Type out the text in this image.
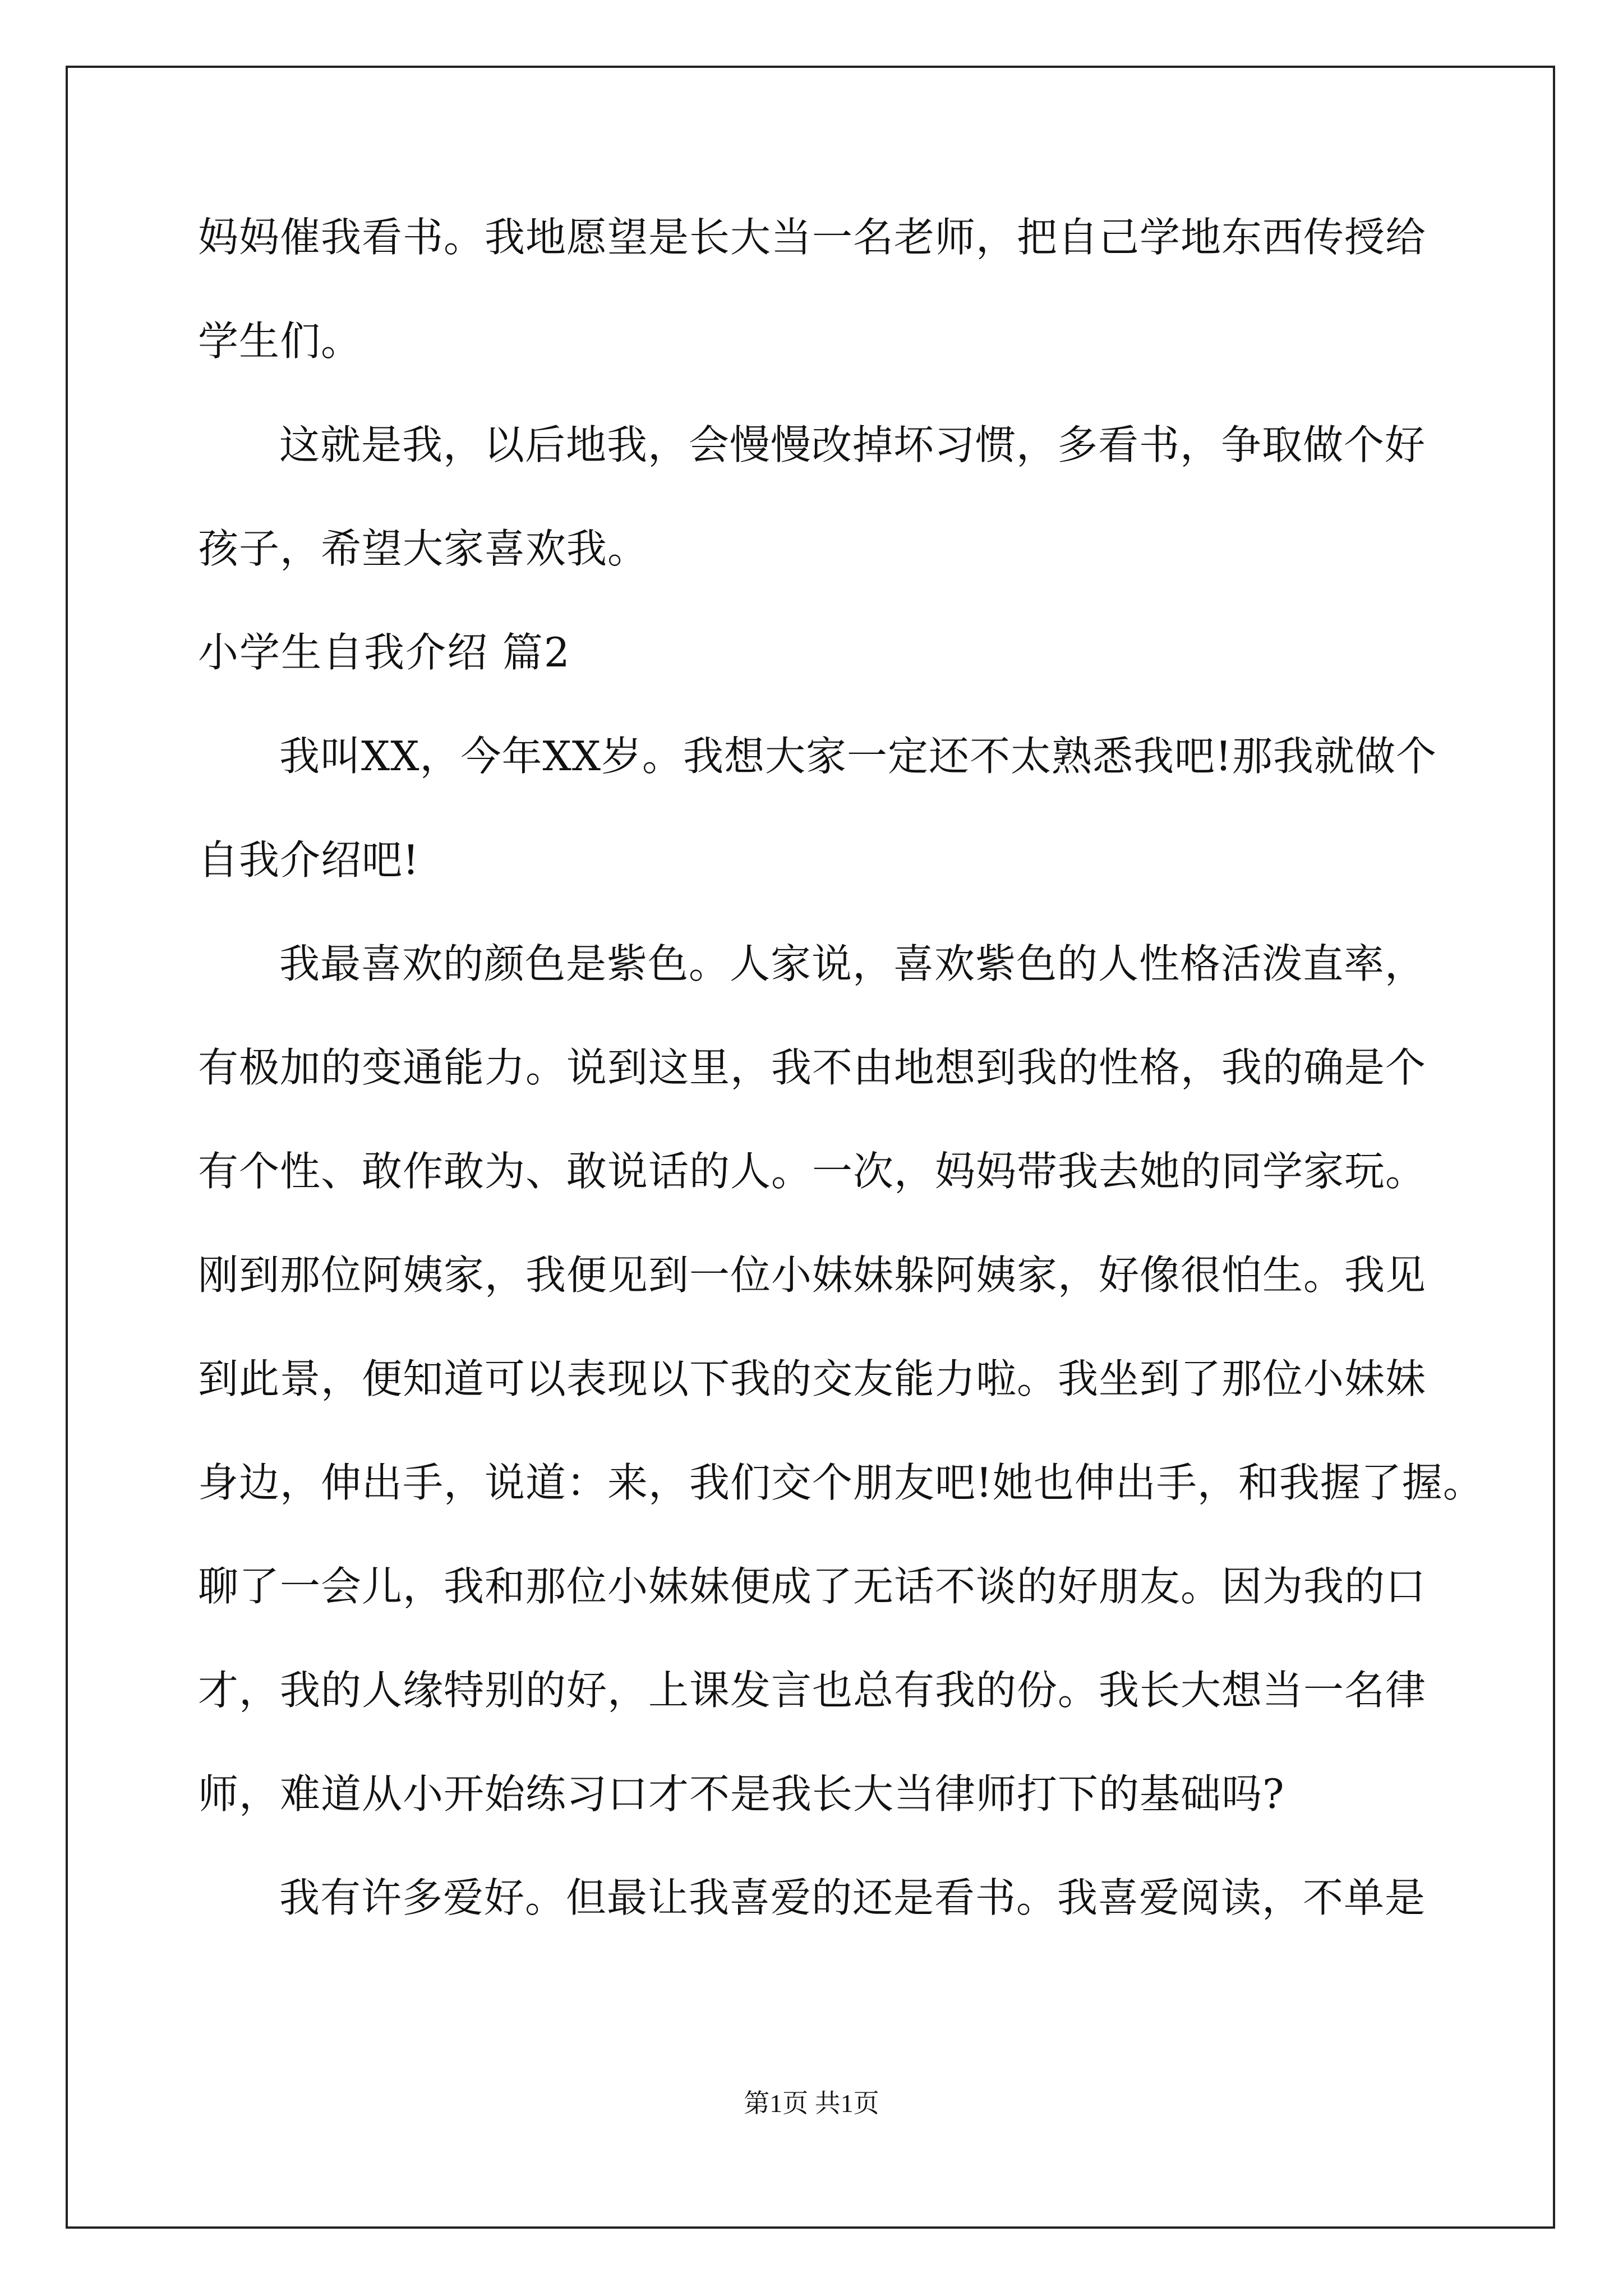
妈妈催我看书。我地愿望是长大当一名老师，把自己学地东西传授给
学生们。
这就是我，以后地我，会慢慢改掉坏习惯，多看书，争取做个好
孩子，希望大家喜欢我。
小学生自我介绍 篇2
我叫XX，今年XX岁。我想大家一定还不太熟悉我吧!那我就做个
自我介绍吧!
我最喜欢的颜色是紫色。人家说，喜欢紫色的人性格活泼直率，
有极加的变通能力。说到这里，我不由地想到我的性格，我的确是个
有个性、敢作敢为、敢说话的人。一次，妈妈带我去她的同学家玩。
刚到那位阿姨家，我便见到一位小妹妹躲阿姨家，好像很怕生。我见
到此景，便知道可以表现以下我的交友能力啦。我坐到了那位小妹妹
身边，伸出手，说道：来，我们交个朋友吧!她也伸出手，和我握了握。
聊了一会儿，我和那位小妹妹便成了无话不谈的好朋友。因为我的口
才，我的人缘特别的好，上课发言也总有我的份。我长大想当一名律
师，难道从小开始练习口才不是我长大当律师打下的基础吗?
我有许多爱好。但最让我喜爱的还是看书。我喜爱阅读，不单是
第1页 共1页
